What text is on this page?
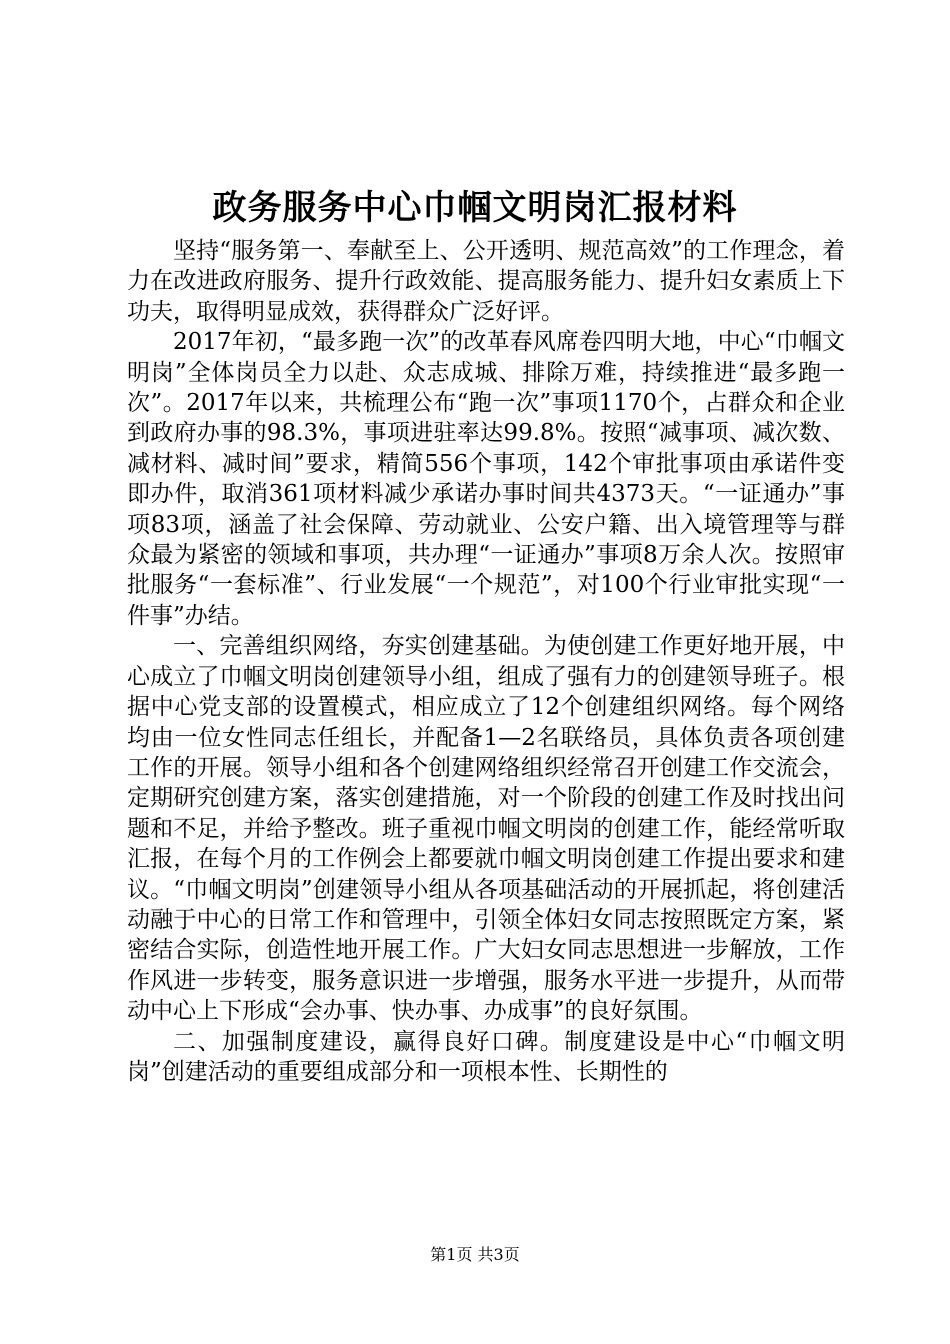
政务服务中心巾帼文明岗汇报材料

坚持“服务第一、奉献至上、公开透明、规范高效”的工作理念，着力在改进政府服务、提升行政效能、提高服务能力、提升妇女素质上下功夫，取得明显成效，获得群众广泛好评。

2017年初，“最多跑一次”的改革春风席卷四明大地，中心“巾帼文明岗”全体岗员全力以赴、众志成城、排除万难，持续推进“最多跑一次”。2017年以来，共梳理公布“跑一次”事项1170个，占群众和企业到政府办事的98.3%，事项进驻率达99.8%。按照“减事项、减次数、减材料、减时间”要求，精简556个事项，142个审批事项由承诺件变即办件，取消361项材料减少承诺办事时间共4373天。“一证通办”事项83项，涵盖了社会保障、劳动就业、公安户籍、出入境管理等与群众最为紧密的领域和事项，共办理“一证通办”事项8万余人次。按照审批服务“一套标准”、行业发展“一个规范”，对100个行业审批实现“一件事”办结。

一、完善组织网络，夯实创建基础。为使创建工作更好地开展，中心成立了巾帼文明岗创建领导小组，组成了强有力的创建领导班子。根据中心党支部的设置模式，相应成立了12个创建组织网络。每个网络均由一位女性同志任组长，并配备1—2名联络员，具体负责各项创建工作的开展。领导小组和各个创建网络组织经常召开创建工作交流会，定期研究创建方案，落实创建措施，对一个阶段的创建工作及时找出问题和不足，并给予整改。班子重视巾帼文明岗的创建工作，能经常听取汇报，在每个月的工作例会上都要就巾帼文明岗创建工作提出要求和建议。“巾帼文明岗”创建领导小组从各项基础活动的开展抓起，将创建活动融于中心的日常工作和管理中，引领全体妇女同志按照既定方案，紧密结合实际，创造性地开展工作。广大妇女同志思想进一步解放，工作作风进一步转变，服务意识进一步增强，服务水平进一步提升，从而带动中心上下形成“会办事、快办事、办成事”的良好氛围。

二、加强制度建设，赢得良好口碑。制度建设是中心“巾帼文明岗”创建活动的重要组成部分和一项根本性、长期性的

第1页 共3页
